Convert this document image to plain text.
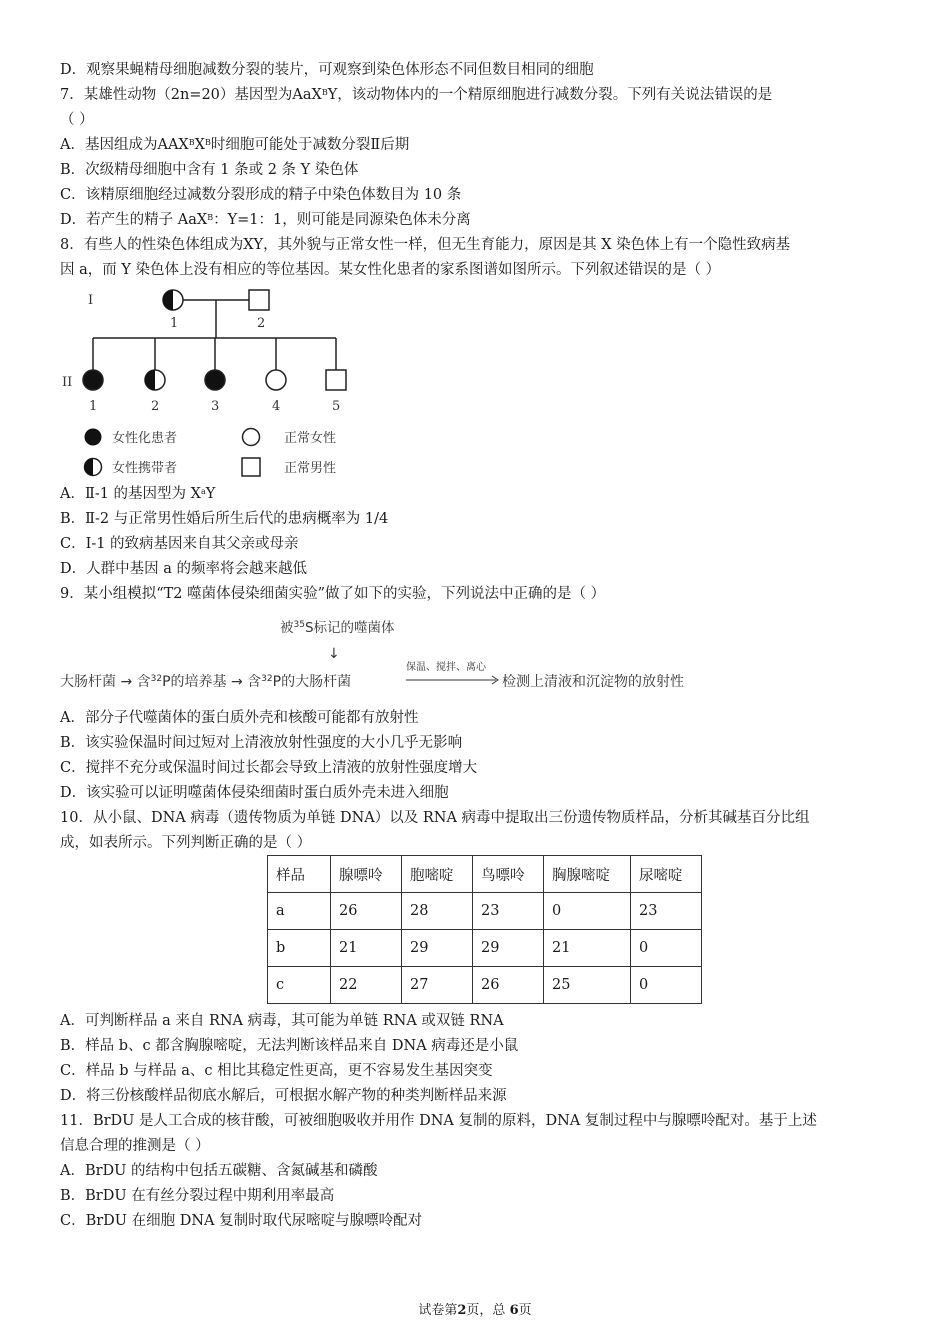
D．观察果蝇精母细胞减数分裂的装片，可观察到染色体形态不同但数目相同的细胞
7．某雄性动物（2n=20）基因型为AaX$^B$Y，该动物体内的一个精原细胞进行减数分裂。下列有关说法错误的是
（ ）
A．基因组成为$AAX^BX^B$时细胞可能处于减数分裂Ⅱ后期
B．次级精母细胞中含有 1 条或 2 条 Y 染色体
C．该精原细胞经过减数分裂形成的精子中染色体数目为 10 条
D．若产生的精子 AaX$^B$：Y=1：1，则可能是同源染色体未分离
8．有些人的性染色体组成为XY，其外貌与正常女性一样，但无生育能力，原因是其 X 染色体上有一个隐性致病基
因 a，而 Y 染色体上没有相应的等位基因。某女性化患者的家系图谱如图所示。下列叙述错误的是（ ）
I
II
1	2
1	2	3	4	5
女性化患者	正常女性
女性携带者	正常男性
A．Ⅱ-1 的基因型为 $X^aY$
B．Ⅱ-2 与正常男性婚后所生后代的患病概率为 1/4
C．I-1 的致病基因来自其父亲或母亲
D．人群中基因 a 的频率将会越来越低
9．某小组模拟“T2 噬菌体侵染细菌实验”做了如下的实验，下列说法中正确的是（ ）
被$^{35}$S标记的噬菌体
↓
大肠杆菌 → 含$^{32}$P的培养基 → 含$^{32}$P的大肠杆菌
保温、搅拌、离心
检测上清液和沉淀物的放射性
A．部分子代噬菌体的蛋白质外壳和核酸可能都有放射性
B．该实验保温时间过短对上清液放射性强度的大小几乎无影响
C．搅拌不充分或保温时间过长都会导致上清液的放射性强度增大
D．该实验可以证明噬菌体侵染细菌时蛋白质外壳未进入细胞
10．从小鼠、DNA 病毒（遗传物质为单链 DNA）以及 RNA 病毒中提取出三份遗传物质样品，分析其碱基百分比组
成，如表所示。下列判断正确的是（ ）
样品	腺嘌呤	胞嘧啶	鸟嘌呤	胸腺嘧啶	尿嘧啶
a	26	28	23	0	23
b	21	29	29	21	0
c	22	27	26	25	0
A．可判断样品 a 来自 RNA 病毒，其可能为单链 RNA 或双链 RNA
B．样品 b、c 都含胸腺嘧啶，无法判断该样品来自 DNA 病毒还是小鼠
C．样品 b 与样品 a、c 相比其稳定性更高，更不容易发生基因突变
D．将三份核酸样品彻底水解后，可根据水解产物的种类判断样品来源
11．BrDU 是人工合成的核苷酸，可被细胞吸收并用作 DNA 复制的原料，DNA 复制过程中与腺嘌呤配对。基于上述
信息合理的推测是（ ）
A．BrDU 的结构中包括五碳糖、含氮碱基和磷酸
B．BrDU 在有丝分裂过程中期利用率最高
C．BrDU 在细胞 DNA 复制时取代尿嘧啶与腺嘌呤配对
试卷第2页，总 6页
